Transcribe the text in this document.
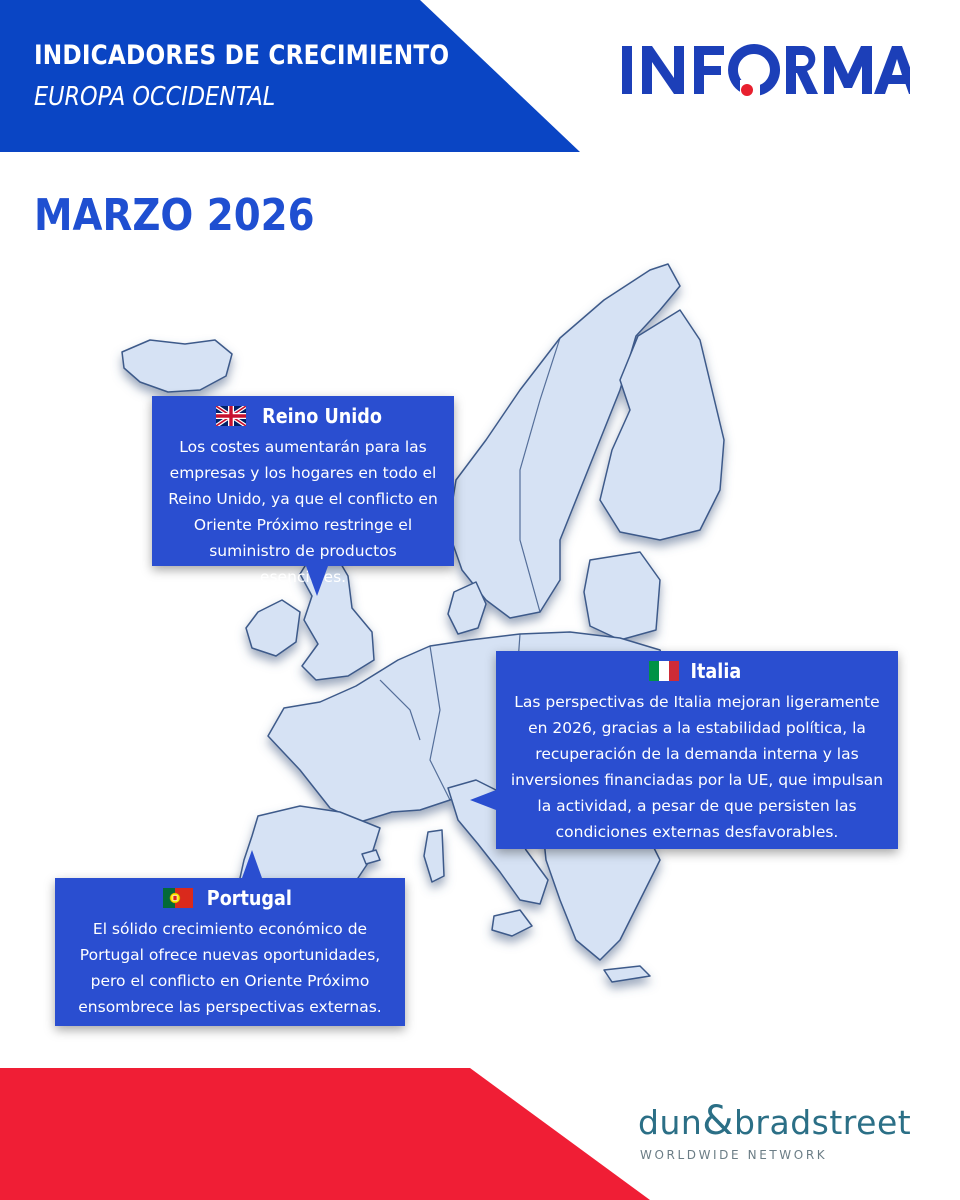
INDICADORES DE CRECIMIENTO
EUROPA OCCIDENTAL
MARZO 2026
Reino Unido
Los costes aumentarán para las
empresas y los hogares en todo el
Reino Unido, ya que el conflicto en
Oriente Próximo restringe el
suministro de productos esenciales.
Italia
Las perspectivas de Italia mejoran ligeramente
en 2026, gracias a la estabilidad política, la
recuperación de la demanda interna y las
inversiones financiadas por la UE, que impulsan
la actividad, a pesar de que persisten las
condiciones externas desfavorables.
Portugal
El sólido crecimiento económico de
Portugal ofrece nuevas oportunidades,
pero el conflicto en Oriente Próximo
ensombrece las perspectivas externas.
dun&bradstreet
WORLDWIDE NETWORK
